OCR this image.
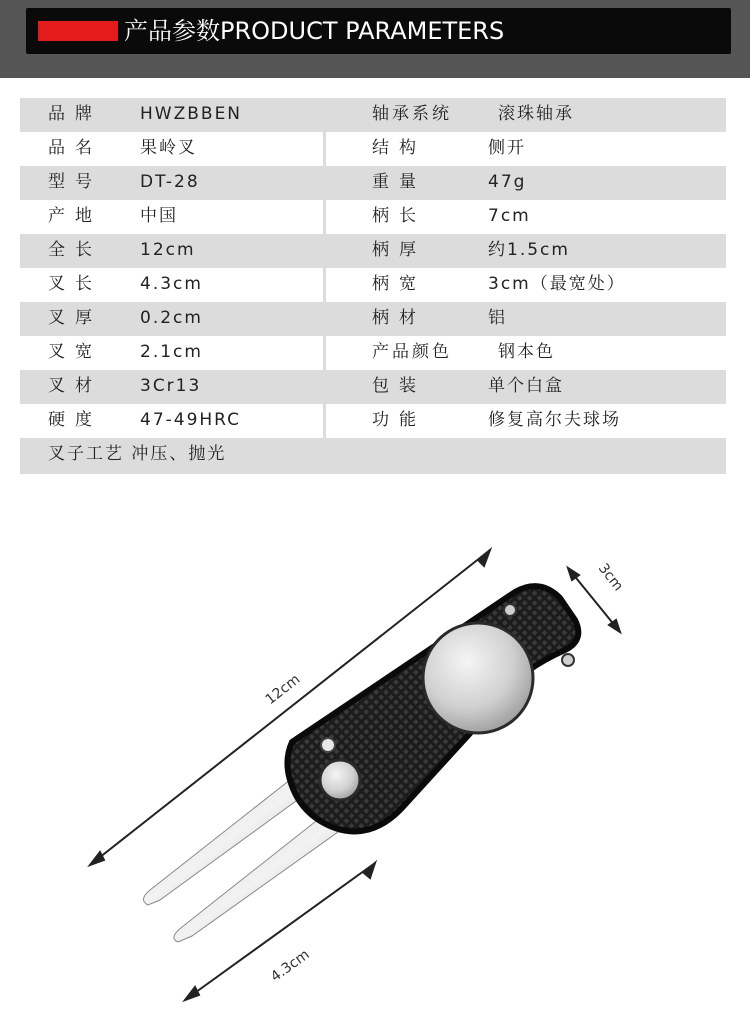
产品参数PRODUCT PARAMETERS
品牌 HWZBBEN	轴承系统	滚珠轴承
品名 果岭叉	结构	侧开
型号 DT-28	重量	47g
产地 中国	柄长	7cm
全长 12cm	柄厚	约1.5cm
叉长 4.3cm	柄宽	3cm（最宽处）
叉厚 0.2cm	柄材	铝
叉宽 2.1cm	产品颜色	钢本色
叉材 3Cr13	包装	单个白盒
硬度 47-49HRC	功能	修复高尔夫球场
叉子工艺 冲压、抛光
12cm
3cm
4.3cm
